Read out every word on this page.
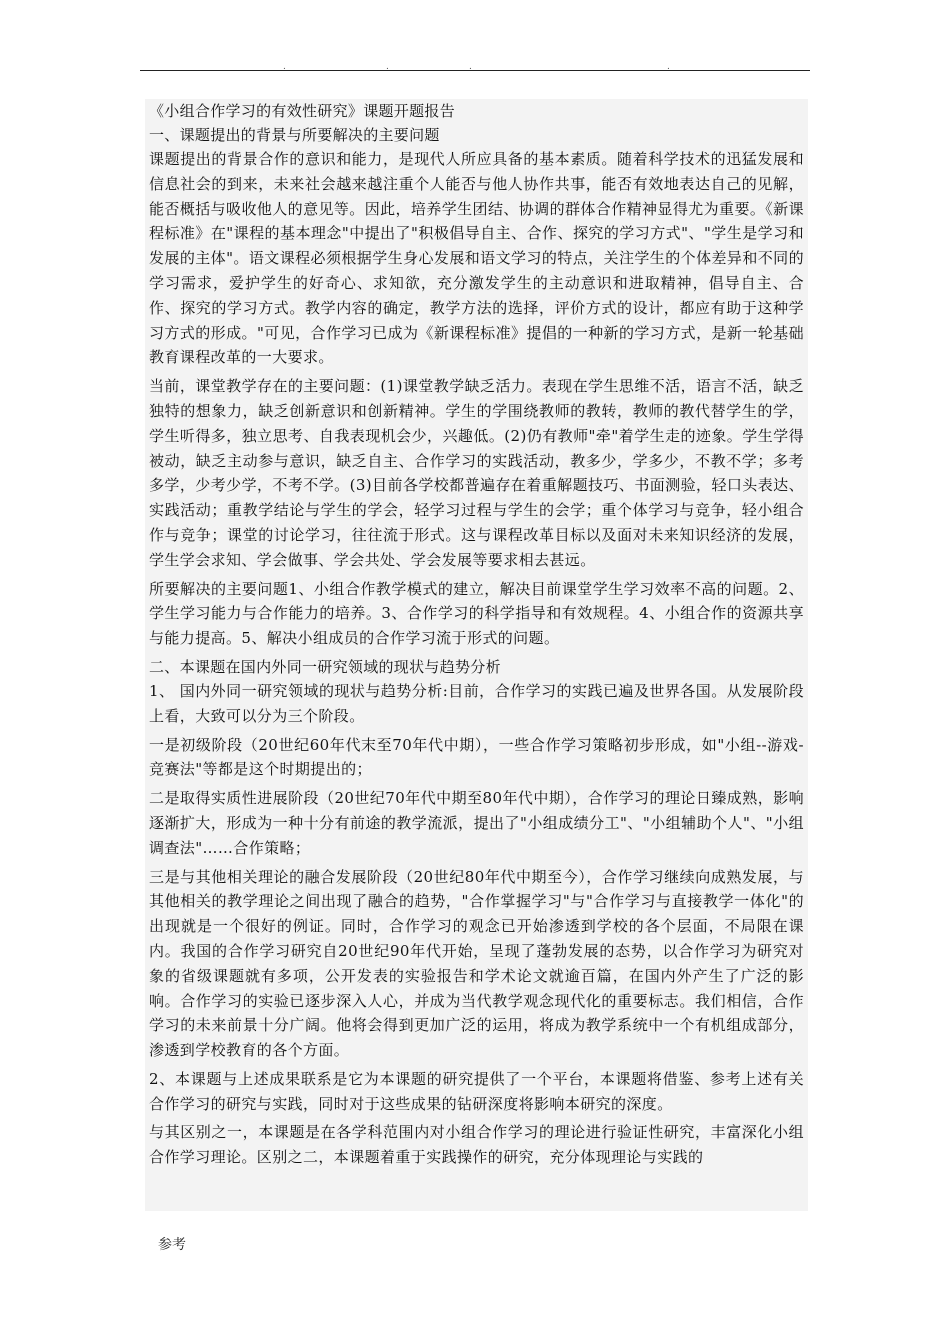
.	.	.	.

《小组合作学习的有效性研究》课题开题报告

一、课题提出的背景与所要解决的主要问题

课题提出的背景合作的意识和能力，是现代人所应具备的基本素质。随着科学技术的迅猛发展和信息社会的到来，未来社会越来越注重个人能否与他人协作共事，能否有效地表达自己的见解，能否概括与吸收他人的意见等。因此，培养学生团结、协调的群体合作精神显得尤为重要。《新课程标准》在"课程的基本理念"中提出了"积极倡导自主、合作、探究的学习方式"、"学生是学习和发展的主体"。语文课程必须根据学生身心发展和语文学习的特点，关注学生的个体差异和不同的学习需求，爱护学生的好奇心、求知欲，充分激发学生的主动意识和进取精神，倡导自主、合作、探究的学习方式。教学内容的确定，教学方法的选择，评价方式的设计，都应有助于这种学习方式的形成。"可见，合作学习已成为《新课程标准》提倡的一种新的学习方式，是新一轮基础教育课程改革的一大要求。

当前，课堂教学存在的主要问题：(1)课堂教学缺乏活力。表现在学生思维不活，语言不活，缺乏独特的想象力，缺乏创新意识和创新精神。学生的学围绕教师的教转，教师的教代替学生的学，学生听得多，独立思考、自我表现机会少，兴趣低。(2)仍有教师"牵"着学生走的迹象。学生学得被动，缺乏主动参与意识，缺乏自主、合作学习的实践活动，教多少，学多少，不教不学；多考多学，少考少学，不考不学。(3)目前各学校都普遍存在着重解题技巧、书面测验，轻口头表达、实践活动；重教学结论与学生的学会，轻学习过程与学生的会学；重个体学习与竞争，轻小组合作与竞争；课堂的讨论学习，往往流于形式。这与课程改革目标以及面对未来知识经济的发展，学生学会求知、学会做事、学会共处、学会发展等要求相去甚远。

所要解决的主要问题1、小组合作教学模式的建立，解决目前课堂学生学习效率不高的问题。2、学生学习能力与合作能力的培养。3、合作学习的科学指导和有效规程。4、小组合作的资源共享与能力提高。5、解决小组成员的合作学习流于形式的问题。

二、本课题在国内外同一研究领域的现状与趋势分析

1、 国内外同一研究领域的现状与趋势分析:目前，合作学习的实践已遍及世界各国。从发展阶段上看，大致可以分为三个阶段。

一是初级阶段（20世纪60年代末至70年代中期），一些合作学习策略初步形成，如"小组--游戏-竞赛法"等都是这个时期提出的；

二是取得实质性进展阶段（20世纪70年代中期至80年代中期），合作学习的理论日臻成熟，影响逐渐扩大，形成为一种十分有前途的教学流派，提出了"小组成绩分工"、"小组辅助个人"、"小组调查法"……合作策略；

三是与其他相关理论的融合发展阶段（20世纪80年代中期至今），合作学习继续向成熟发展，与其他相关的教学理论之间出现了融合的趋势，"合作掌握学习"与"合作学习与直接教学一体化"的出现就是一个很好的例证。同时，合作学习的观念已开始渗透到学校的各个层面，不局限在课内。我国的合作学习研究自20世纪90年代开始，呈现了蓬勃发展的态势，以合作学习为研究对象的省级课题就有多项，公开发表的实验报告和学术论文就逾百篇，在国内外产生了广泛的影响。合作学习的实验已逐步深入人心，并成为当代教学观念现代化的重要标志。我们相信，合作学习的未来前景十分广阔。他将会得到更加广泛的运用，将成为教学系统中一个有机组成部分，渗透到学校教育的各个方面。

2、本课题与上述成果联系是它为本课题的研究提供了一个平台，本课题将借鉴、参考上述有关合作学习的研究与实践，同时对于这些成果的钻研深度将影响本研究的深度。

与其区别之一，本课题是在各学科范围内对小组合作学习的理论进行验证性研究，丰富深化小组合作学习理论。区别之二，本课题着重于实践操作的研究，充分体现理论与实践的

参考
